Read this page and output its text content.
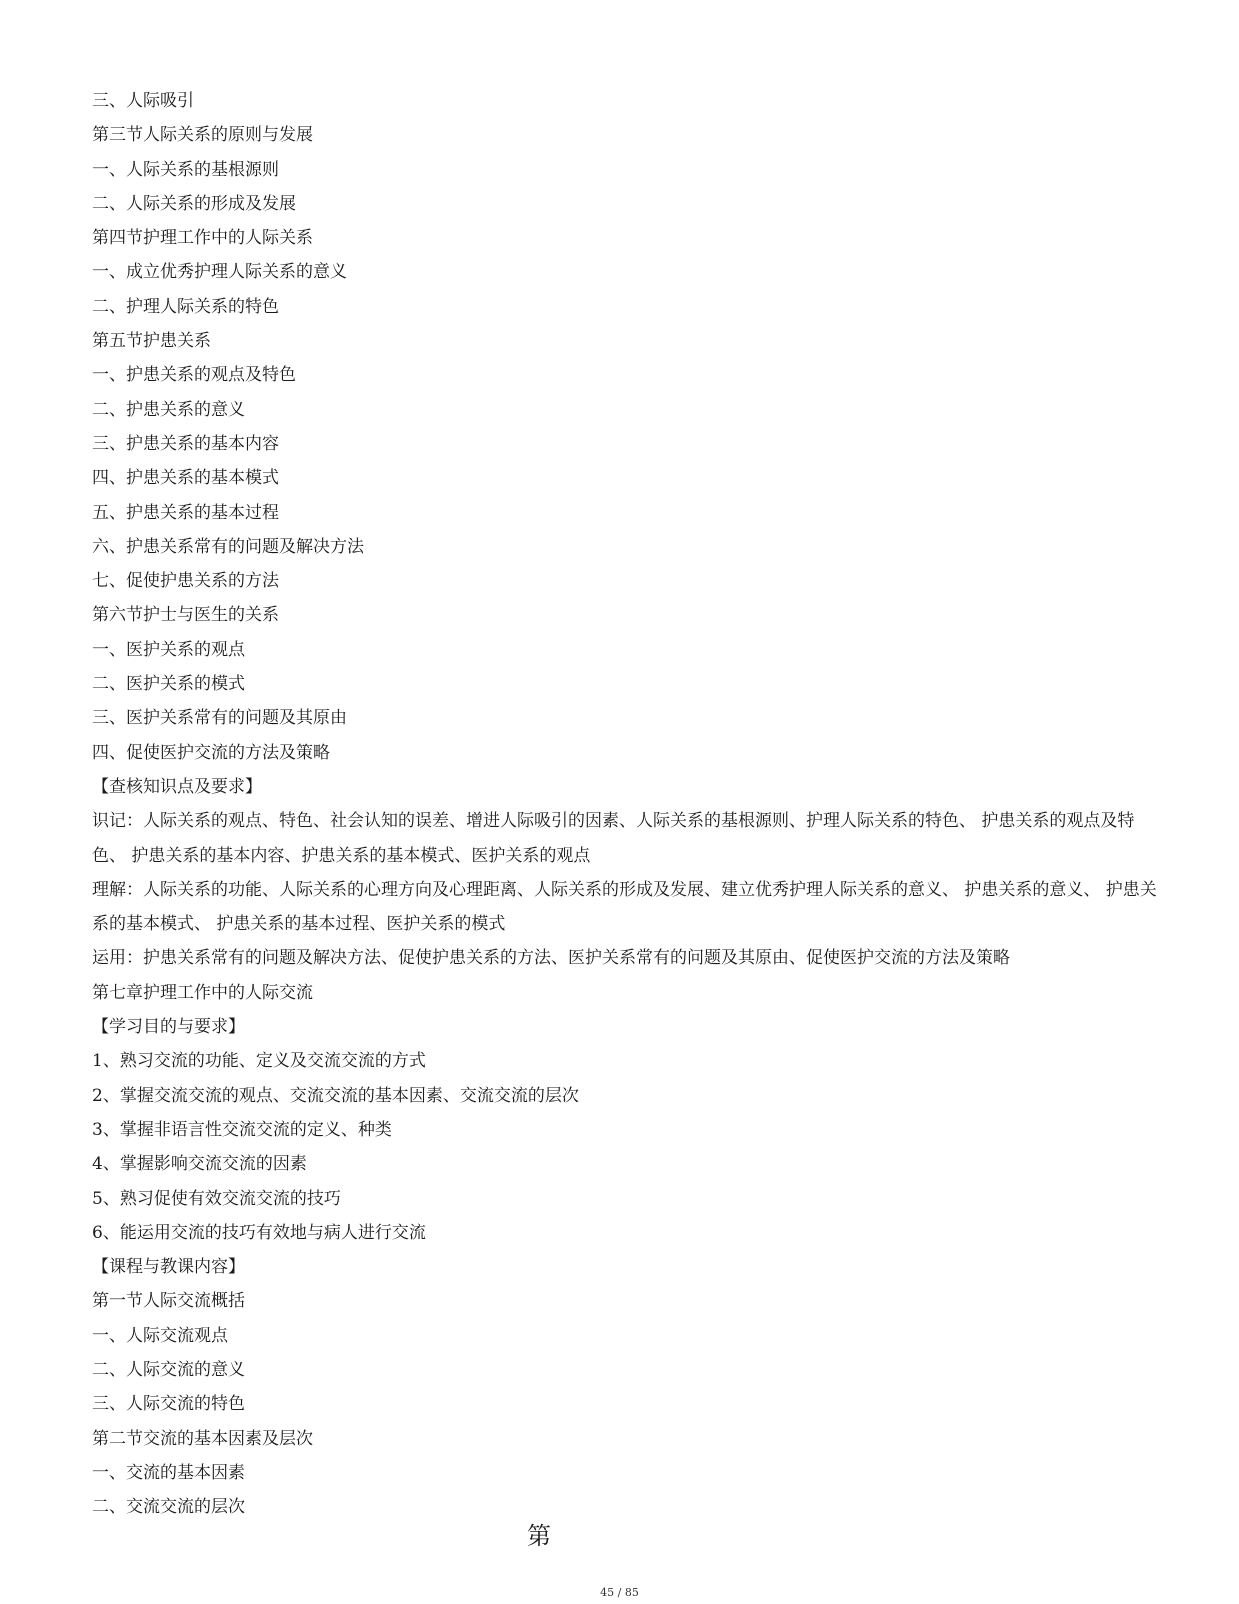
三、人际吸引

第三节人际关系的原则与发展

一、人际关系的基根源则

二、人际关系的形成及发展

第四节护理工作中的人际关系

一、成立优秀护理人际关系的意义

二、护理人际关系的特色

第五节护患关系

一、护患关系的观点及特色

二、护患关系的意义

三、护患关系的基本内容

四、护患关系的基本模式

五、护患关系的基本过程

六、护患关系常有的问题及解决方法

七、促使护患关系的方法

第六节护士与医生的关系

一、医护关系的观点

二、医护关系的模式

三、医护关系常有的问题及其原由

四、促使医护交流的方法及策略

【查核知识点及要求】

识记：人际关系的观点、特色、社会认知的误差、增进人际吸引的因素、人际关系的基根源则、护理人际关系的特色、 护患关系的观点及特色、 护患关系的基本内容、护患关系的基本模式、医护关系的观点

理解：人际关系的功能、人际关系的心理方向及心理距离、人际关系的形成及发展、建立优秀护理人际关系的意义、 护患关系的意义、 护患关系的基本模式、 护患关系的基本过程、医护关系的模式

运用：护患关系常有的问题及解决方法、促使护患关系的方法、医护关系常有的问题及其原由、促使医护交流的方法及策略

第七章护理工作中的人际交流

【学习目的与要求】

1、熟习交流的功能、定义及交流交流的方式

2、掌握交流交流的观点、交流交流的基本因素、交流交流的层次

3、掌握非语言性交流交流的定义、种类

4、掌握影响交流交流的因素

5、熟习促使有效交流交流的技巧

6、能运用交流的技巧有效地与病人进行交流

【课程与教课内容】

第一节人际交流概括

一、人际交流观点

二、人际交流的意义

三、人际交流的特色

第二节交流的基本因素及层次

一、交流的基本因素

二、交流交流的层次

第
45 / 85
